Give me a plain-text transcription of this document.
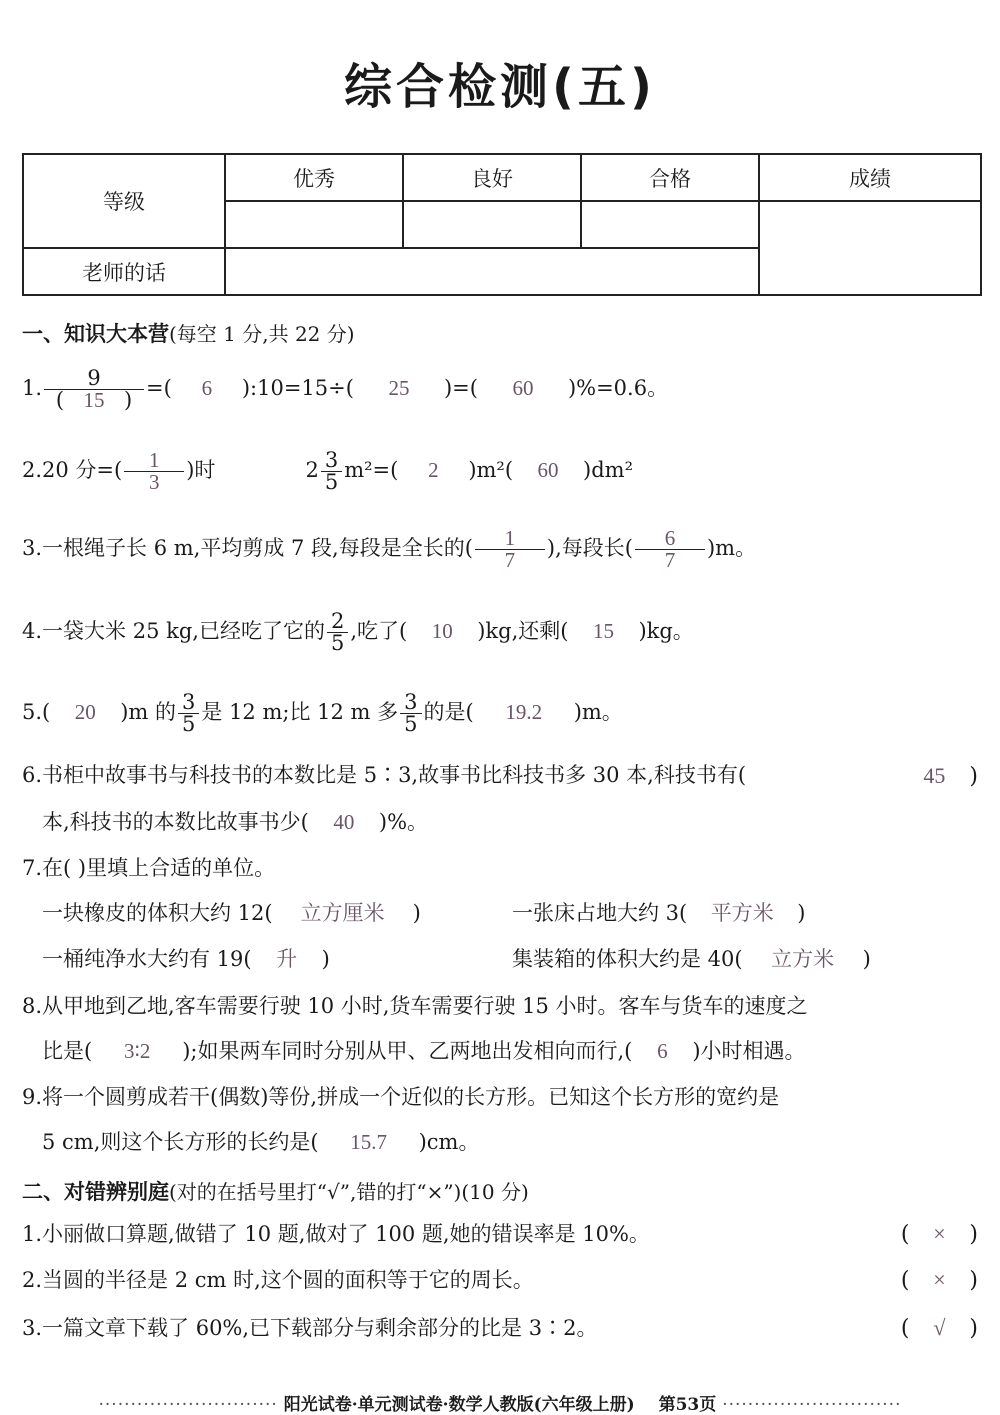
综合检测(五)
等级	优秀	良好	合格	成绩

老师的话				
一、知识大本营(每空 1 分,共 22 分)
1. $\frac{9}{( 15 )}$ =( 6 ):10=15÷( 25 )=( 60 )%=0.6。
2.20 分=( $\frac{1}{3}$ )时	$2 \frac{3}{5} m^2=$( 2 )m²( 60 )dm²
3.一根绳子长 6 m,平均剪成 7 段,每段是全长的( $\frac{1}{7}$ ),每段长( $\frac{6}{7} )m$。
4.一袋大米 25 kg,已经吃了它的 $\frac{2}{5}$ ,吃了( 10 )kg,还剩( 15 )kg。
5.( 20 )m 的 $\frac{3}{5}$ 是 12 m;比 12 m 多 $\frac{3}{5}$ 的是( 19.2 )m。
6.书柜中故事书与科技书的本数比是 5∶3,故事书比科技书多 30 本,科技书有(	45 )
本,科技书的本数比故事书少( 40 )%。
7.在( )里填上合适的单位。
一块橡皮的体积大约 12( 立方厘米 )	一张床占地大约 3( 平方米 )
一桶纯净水大约有 19( 升 )	集装箱的体积大约是 40( 立方米 )
8.从甲地到乙地,客车需要行驶 10 小时,货车需要行驶 15 小时。客车与货车的速度之
比是( 3∶2 );如果两车同时分别从甲、乙两地出发相向而行,( 6 )小时相遇。
9.将一个圆剪成若干(偶数)等份,拼成一个近似的长方形。已知这个长方形的宽约是
5 cm,则这个长方形的长约是( 15.7 )cm。
二、对错辨别庭(对的在括号里打“√”,错的打“×”)(10 分)
1.小丽做口算题,做错了 10 题,做对了 100 题,她的错误率是 10%。	( × )
2.当圆的半径是 2 cm 时,这个圆的面积等于它的周长。	( × )
3.一篇文章下载了 60%,已下载部分与剩余部分的比是 3∶2。	( √ )
···························· 阳光试卷·单元测试卷·数学人教版(六年级上册) 第53页 ····························
